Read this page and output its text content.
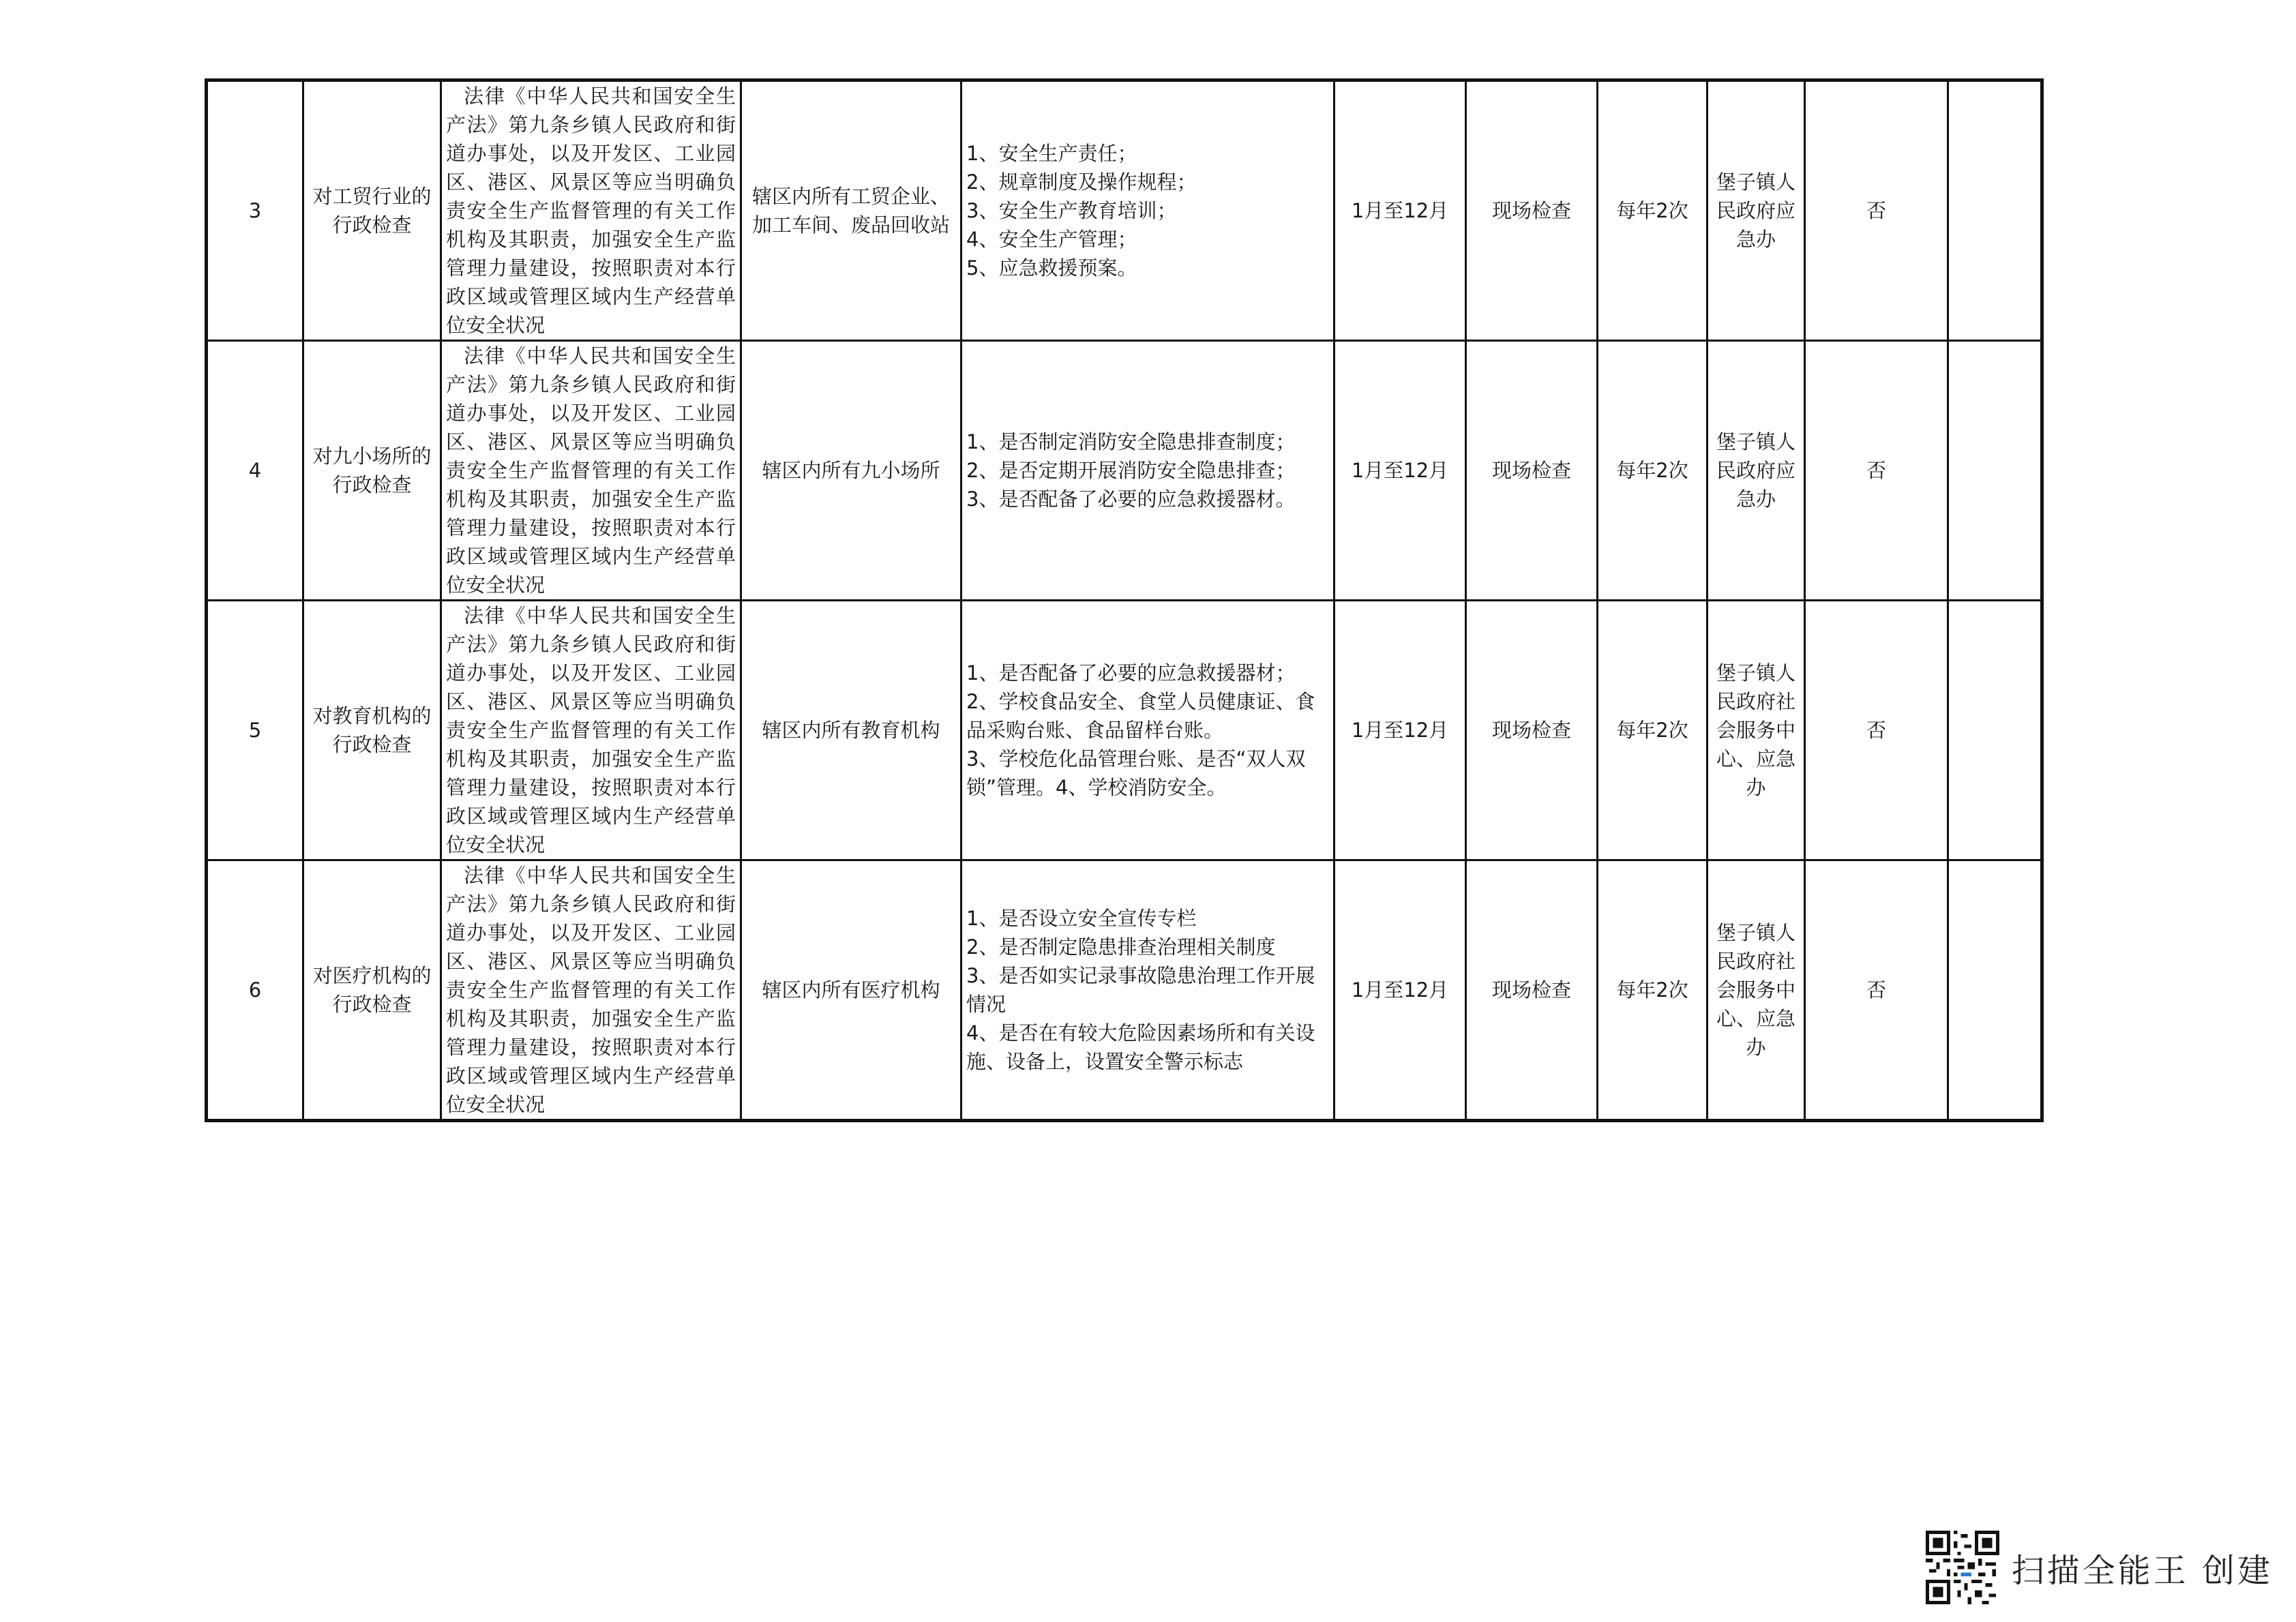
3	对工贸行业的行政检查	法律《中华人民共和国安全生产法》第九条乡镇人民政府和街道办事处，以及开发区、工业园区、港区、风景区等应当明确负责安全生产监督管理的有关工作机构及其职责，加强安全生产监管理力量建设，按照职责对本行政区域或管理区域内生产经营单位安全状况	辖区内所有工贸企业、加工车间、废品回收站	1、安全生产责任；
2、规章制度及操作规程；
3、安全生产教育培训；
4、安全生产管理；
5、应急救援预案。	1月至12月	现场检查	每年2次	堡子镇人民政府应急办	否	
4	对九小场所的行政检查	法律《中华人民共和国安全生产法》第九条乡镇人民政府和街道办事处，以及开发区、工业园区、港区、风景区等应当明确负责安全生产监督管理的有关工作机构及其职责，加强安全生产监管理力量建设，按照职责对本行政区域或管理区域内生产经营单位安全状况	辖区内所有九小场所	1、是否制定消防安全隐患排查制度；
2、是否定期开展消防安全隐患排查；
3、是否配备了必要的应急救援器材。	1月至12月	现场检查	每年2次	堡子镇人民政府应急办	否	
5	对教育机构的行政检查	法律《中华人民共和国安全生产法》第九条乡镇人民政府和街道办事处，以及开发区、工业园区、港区、风景区等应当明确负责安全生产监督管理的有关工作机构及其职责，加强安全生产监管理力量建设，按照职责对本行政区域或管理区域内生产经营单位安全状况	辖区内所有教育机构	1、是否配备了必要的应急救援器材；
2、学校食品安全、食堂人员健康证、食品采购台账、食品留样台账。
3、学校危化品管理台账、是否“双人双锁”管理。4、学校消防安全。	1月至12月	现场检查	每年2次	堡子镇人民政府社会服务中心、应急办	否	
6	对医疗机构的行政检查	法律《中华人民共和国安全生产法》第九条乡镇人民政府和街道办事处，以及开发区、工业园区、港区、风景区等应当明确负责安全生产监督管理的有关工作机构及其职责，加强安全生产监管理力量建设，按照职责对本行政区域或管理区域内生产经营单位安全状况	辖区内所有医疗机构	1、是否设立安全宣传专栏
2、是否制定隐患排查治理相关制度
3、是否如实记录事故隐患治理工作开展情况
4、是否在有较大危险因素场所和有关设施、设备上，设置安全警示标志	1月至12月	现场检查	每年2次	堡子镇人民政府社会服务中心、应急办	否	
扫描全能王 创建
